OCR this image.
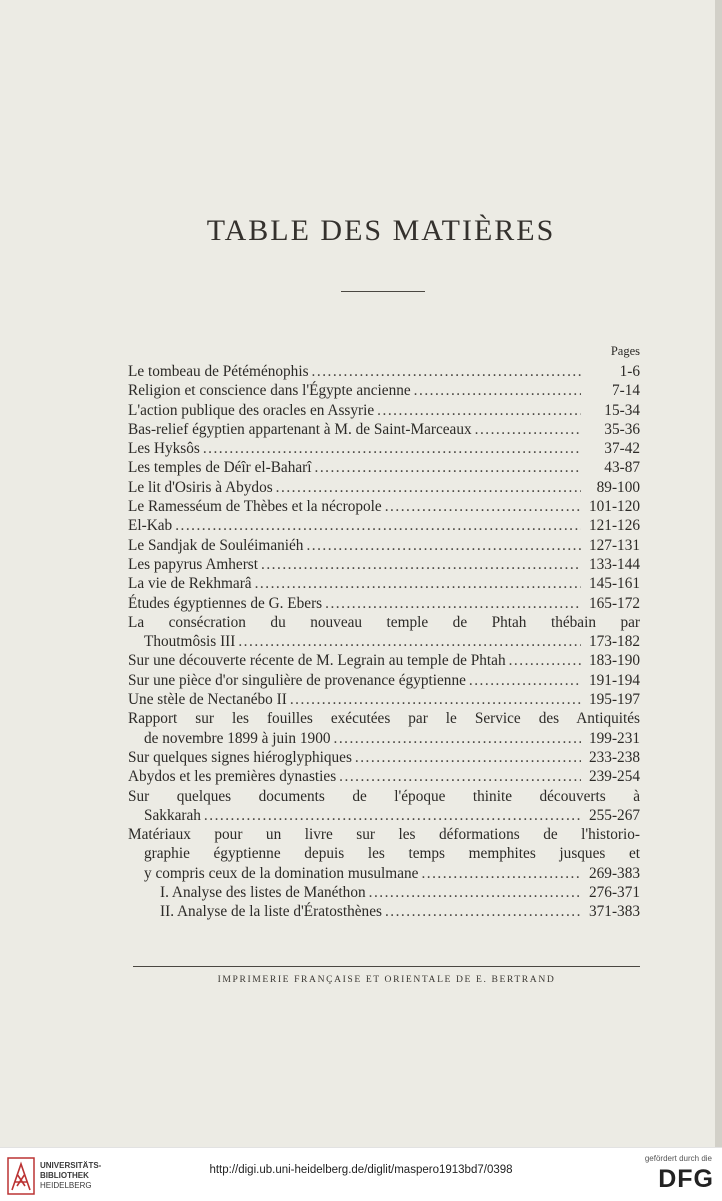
TABLE DES MATIÈRES
Pages
Le tombeau de Pétéménophis .....	1-6
Religion et conscience dans l'Égypte ancienne .....	7-14
L'action publique des oracles en Assyrie .....	15-34
Bas-relief égyptien appartenant à M. de Saint-Marceaux .....	35-36
Les Hyksôs .....	37-42
Les temples de Déîr el-Baharî .....	43-87
Le lit d'Osiris à Abydos .....	89-100
Le Ramesséum de Thèbes et la nécropole .....	101-120
El-Kab .....	121-126
Le Sandjak de Souléimaniéh .....	127-131
Les papyrus Amherst .....	133-144
La vie de Rekhmarâ .....	145-161
Études égyptiennes de G. Ebers .....	165-172
La consécration du nouveau temple de Phtah thébain par
Thoutmôsis III .....	173-182
Sur une découverte récente de M. Legrain au temple de Phtah .....	183-190
Sur une pièce d'or singulière de provenance égyptienne .....	191-194
Une stèle de Nectanébo II .....	195-197
Rapport sur les fouilles exécutées par le Service des Antiquités
de novembre 1899 à juin 1900 .....	199-231
Sur quelques signes hiéroglyphiques .....	233-238
Abydos et les premières dynasties .....	239-254
Sur quelques documents de l'époque thinite découverts à
Sakkarah .....	255-267
Matériaux pour un livre sur les déformations de l'historio-
graphie égyptienne depuis les temps memphites jusques et
y compris ceux de la domination musulmane .....	269-383
I. Analyse des listes de Manéthon .....	276-371
II. Analyse de la liste d'Ératosthènes .....	371-383
IMPRIMERIE FRANÇAISE ET ORIENTALE DE E. BERTRAND
UNIVERSITÄTS-
BIBLIOTHEK
HEIDELBERG
http://digi.ub.uni-heidelberg.de/diglit/maspero1913bd7/0398
gefördert durch die
DFG
